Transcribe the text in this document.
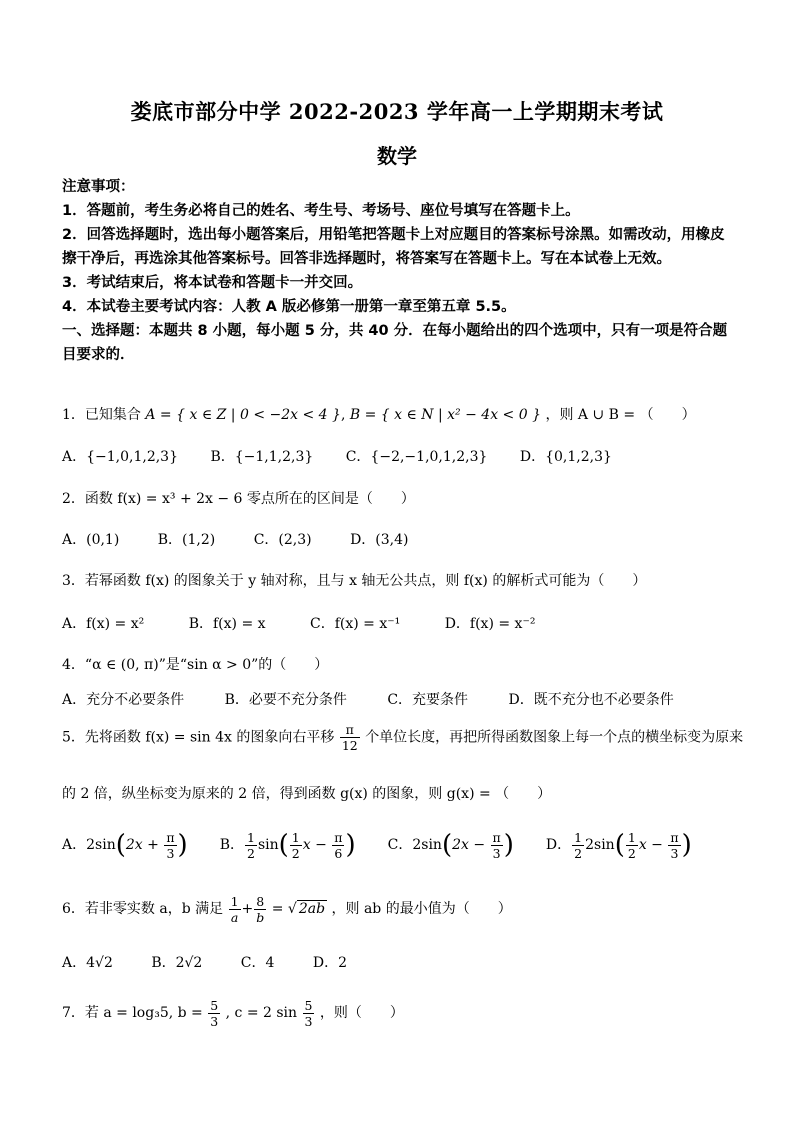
娄底市部分中学 2022-2023 学年高一上学期期末考试
数学

注意事项：

1．答题前，考生务必将自己的姓名、考生号、考场号、座位号填写在答题卡上。

2．回答选择题时，选出每小题答案后，用铅笔把答题卡上对应题目的答案标号涂黑。如需改动，用橡皮擦干净后，再选涂其他答案标号。回答非选择题时，将答案写在答题卡上。写在本试卷上无效。

3．考试结束后，将本试卷和答题卡一并交回。

4．本试卷主要考试内容：人教 A 版必修第一册第一章至第五章 5.5。

一、选择题：本题共 8 小题，每小题 5 分，共 40 分．在每小题给出的四个选项中，只有一项是符合题目要求的．

1．已知集合 A = { x ∈ Z | 0 < −2x < 4 }, B = { x ∈ N | x² − 4x < 0 } ，则 A ∪ B = （　　）
A．{−1,0,1,2,3} B．{−1,1,2,3} C．{−2,−1,0,1,2,3} D．{0,1,2,3}
2．函数 f(x) = x³ + 2x − 6 零点所在的区间是（　　）
A．(0,1)	B．(1,2)	C．(2,3)	D．(3,4)
3．若幂函数 f(x) 的图象关于 y 轴对称，且与 x 轴无公共点，则 f(x) 的解析式可能为（　　）
A．f(x) = x²	B．f(x) = x	C．f(x) = x⁻¹	D．f(x) = x⁻²
4．“α ∈ (0, π)”是“sin α > 0”的（　　）
A．充分不必要条件	B．必要不充分条件	C．充要条件	D．既不充分也不必要条件
5．先将函数 f(x) = sin 4x 的图象向右平移 $\frac{\pi}{12}$ 个单位长度，再把所得函数图象上每一个点的横坐标变为原来
的 2 倍，纵坐标变为原来的 2 倍，得到函数 g(x) 的图象，则 g(x) = （　　）
A．$2\sin(2x + \frac{\pi}{3}$ ) B． $\frac{1}{2} \sin( \frac{1}{2}$ $x - \frac{\pi}{6}$ ) C．$2\sin(2x - \frac{\pi}{3}$ ) D． $\frac{1}{2} 2\sin( \frac{1}{2}$ $x - \frac{\pi}{3}$ )
6．若非零实数 a，b 满足 $\frac{1}{a} + \frac{8}{b}$ = √ 2ab ，则 ab 的最小值为（　　）
A．4√2	B．2√2	C．4	D．2
7．若 a = log₃5, $b = \frac{5}{3}$ , c = 2 $\sin \frac{5}{3}$ ，则（　　）
